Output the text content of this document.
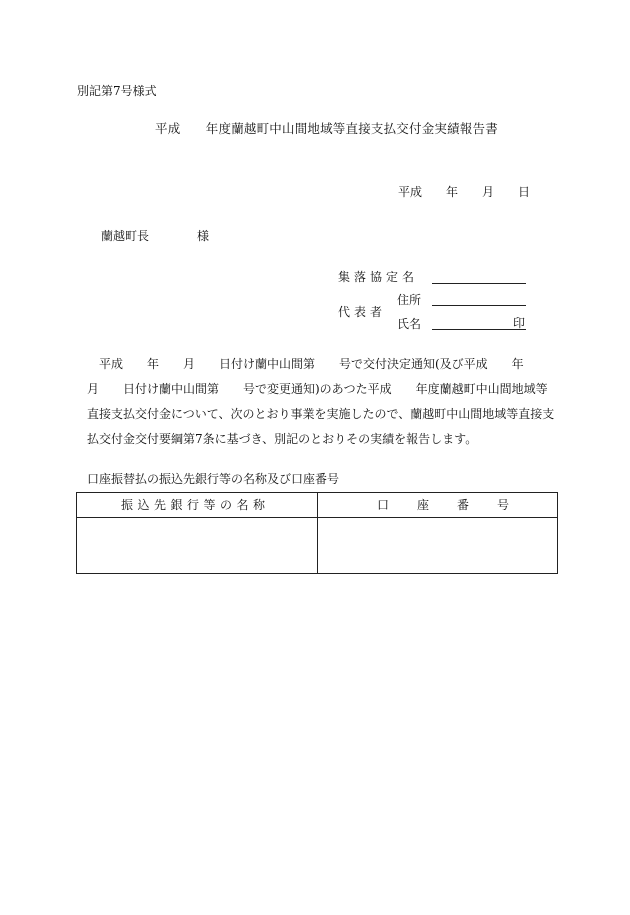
別記第7号様式
平成　　年度蘭越町中山間地域等直接支払交付金実績報告書
平成　　年　　月　　日
蘭越町長　　　　様
集落協定名
代表者
住所
氏名	印
　平成　　年　　月　　日付け蘭中山間第　　号で交付決定通知(及び平成　　年
月　　日付け蘭中山間第　　号で変更通知)のあつた平成　　年度蘭越町中山間地域等
直接支払交付金について、次のとおり事業を実施したので、蘭越町中山間地域等直接支
払交付金交付要綱第7条に基づき、別記のとおりその実績を報告します。
口座振替払の振込先銀行等の名称及び口座番号
振込先銀行等の名称	口 座 番 号
